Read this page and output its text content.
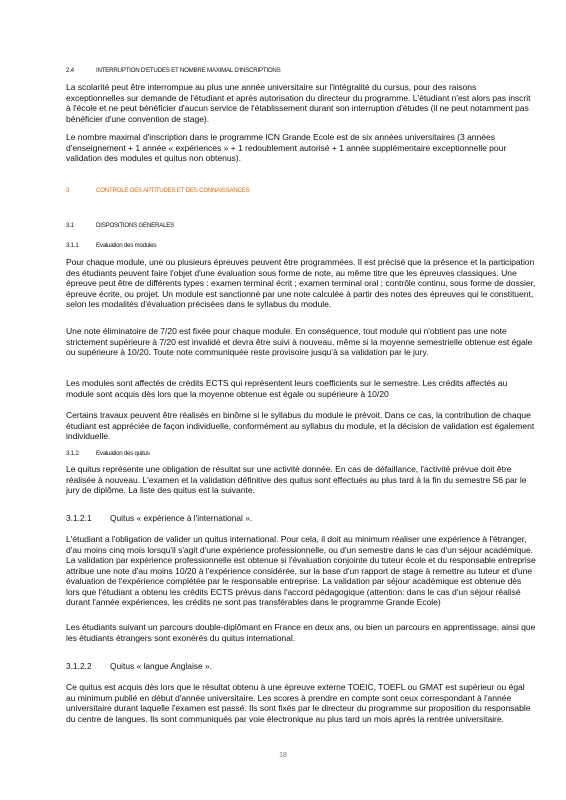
2.4	INTERRUPTION D'ETUDES ET NOMBRE MAXIMAL D'INSCRIPTIONS

La scolarité peut être interrompue au plus une année universitaire sur l'intégralité du cursus, pour des raisons exceptionnelles sur demande de l'étudiant et après autorisation du directeur du programme. L'étudiant n'est alors pas inscrit à l'école et ne peut bénéficier d'aucun service de l'établissement durant son interruption d'études (il ne peut notamment pas bénéficier d'une convention de stage).

Le nombre maximal d'inscription dans le programme ICN Grande Ecole est de six années universitaires (3 années d'enseignement + 1 année « expériences » + 1 redoublement autorisé + 1 année supplémentaire exceptionnelle pour validation des modules et quitus non obtenus).

3	CONTROLE DES APTITUDES ET DES CONNAISSANCES
3.1	DISPOSITIONS GENERALES
3.1.1	Evaluation des modules

Pour chaque module, une ou plusieurs épreuves peuvent être programmées. Il est précisé que la présence et la participation des étudiants peuvent faire l'objet d'une évaluation sous forme de note, au même titre que les épreuves classiques. Une épreuve peut être de différents types : examen terminal écrit ; examen terminal oral ; contrôle continu, sous forme de dossier, épreuve écrite, ou projet. Un module est sanctionné par une note calculée à partir des notes des épreuves qui le constituent, selon les modalités d'évaluation précisées dans le syllabus du module.

Une note éliminatoire de 7/20 est fixée pour chaque module. En conséquence, tout module qui n'obtient pas une note strictement supérieure à 7/20 est invalidé et devra être suivi à nouveau, même si la moyenne semestrielle obtenue est égale ou supérieure à 10/20. Toute note communiquée reste provisoire jusqu'à sa validation par le jury.

Les modules sont affectés de crédits ECTS qui représentent leurs coefficients sur le semestre. Les crédits affectés au module sont acquis dès lors que la moyenne obtenue est égale ou supérieure à 10/20

Certains travaux peuvent être réalisés en binôme si le syllabus du module le prévoit. Dans ce cas, la contribution de chaque étudiant est appréciée de façon individuelle, conformément au syllabus du module, et la décision de validation est également individuelle.

3.1.2	Evaluation des quitus

Le quitus représente une obligation de résultat sur une activité donnée. En cas de défaillance, l'activité prévue doit être réalisée à nouveau. L'examen et la validation définitive des quitus sont effectués au plus tard à la fin du semestre S6 par le jury de diplôme. La liste des quitus est la suivante.

3.1.2.1 Quitus « expérience à l'international ».

L'étudiant a l'obligation de valider un quitus international. Pour cela, il doit au minimum réaliser une expérience à l'étranger, d'au moins cinq mois lorsqu'il s'agit d'une expérience professionnelle, ou d'un semestre dans le cas d'un séjour académique. La validation par expérience professionnelle est obtenue si l'évaluation conjointe du tuteur école et du responsable entreprise attribue une note d'au moins 10/20 à l'expérience considérée, sur la base d'un rapport de stage à remettre au tuteur et d'une évaluation de l'expérience complétée par le responsable entreprise. La validation par séjour académique est obtenue dès lors que l'étudiant a obtenu les crédits ECTS prévus dans l'accord pédagogique (attention: dans le cas d'un séjour réalisé durant l'année expériences, les crédits ne sont pas transférables dans le programme Grande Ecole)

Les étudiants suivant un parcours double-diplômant en France en deux ans, ou bien un parcours en apprentissage, ainsi que les étudiants étrangers sont exonérés du quitus international.

3.1.2.2 Quitus « langue Anglaise ».

Ce quitus est acquis dès lors que le résultat obtenu à une épreuve externe TOEIC, TOEFL ou GMAT est supérieur ou égal au minimum publié en début d'année universitaire. Les scores à prendre en compte sont ceux correspondant à l'année universitaire durant laquelle l'examen est passé. Ils sont fixés par le directeur du programme sur proposition du responsable du centre de langues. Ils sont communiqués par voie électronique au plus tard un mois après la rentrée universitaire.

18
